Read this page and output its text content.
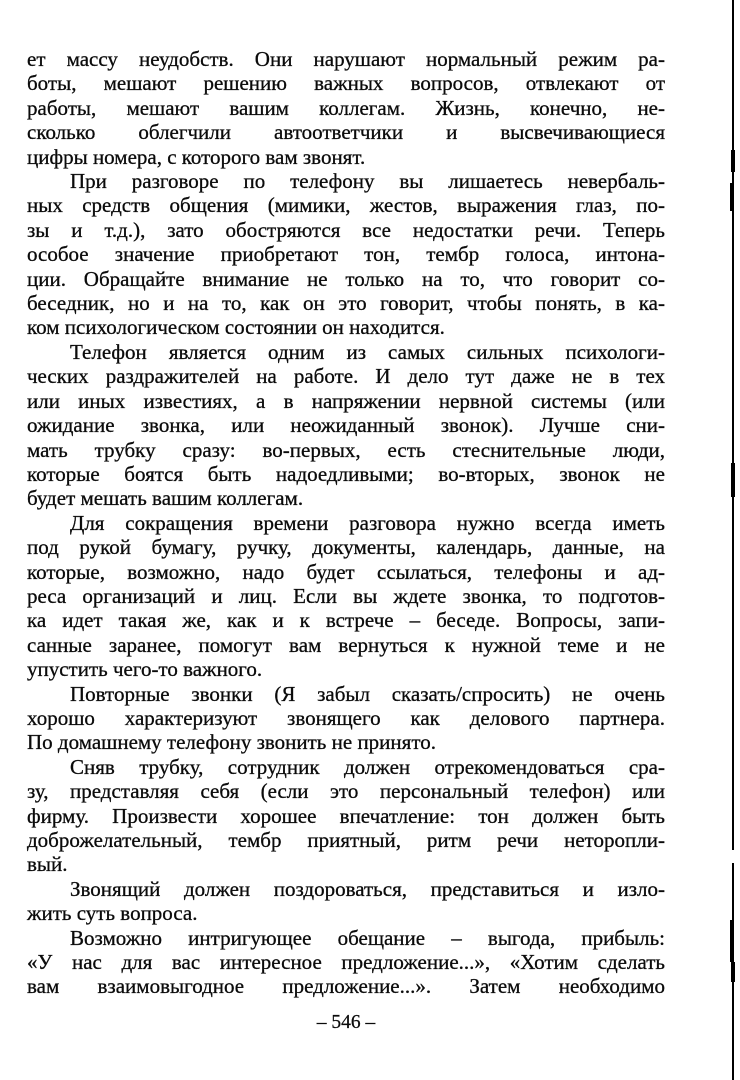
ет массу неудобств. Они нарушают нормальный режим ра-
боты, мешают решению важных вопросов, отвлекают от
работы, мешают вашим коллегам. Жизнь, конечно, не-
сколько облегчили автоответчики и высвечивающиеся
цифры номера, с которого вам звонят.
При разговоре по телефону вы лишаетесь невербаль-
ных средств общения (мимики, жестов, выражения глаз, по-
зы и т.д.), зато обостряются все недостатки речи. Теперь
особое значение приобретают тон, тембр голоса, интона-
ции. Обращайте внимание не только на то, что говорит со-
беседник, но и на то, как он это говорит, чтобы понять, в ка-
ком психологическом состоянии он находится.
Телефон является одним из самых сильных психологи-
ческих раздражителей на работе. И дело тут даже не в тех
или иных известиях, а в напряжении нервной системы (или
ожидание звонка, или неожиданный звонок). Лучше сни-
мать трубку сразу: во-первых, есть стеснительные люди,
которые боятся быть надоедливыми; во-вторых, звонок не
будет мешать вашим коллегам.
Для сокращения времени разговора нужно всегда иметь
под рукой бумагу, ручку, документы, календарь, данные, на
которые, возможно, надо будет ссылаться, телефоны и ад-
реса организаций и лиц. Если вы ждете звонка, то подготов-
ка идет такая же, как и к встрече – беседе. Вопросы, запи-
санные заранее, помогут вам вернуться к нужной теме и не
упустить чего-то важного.
Повторные звонки (Я забыл сказать/спросить) не очень
хорошо характеризуют звонящего как делового партнера.
По домашнему телефону звонить не принято.
Сняв трубку, сотрудник должен отрекомендоваться сра-
зу, представляя себя (если это персональный телефон) или
фирму. Произвести хорошее впечатление: тон должен быть
доброжелательный, тембр приятный, ритм речи неторопли-
вый.
Звонящий должен поздороваться, представиться и изло-
жить суть вопроса.
Возможно интригующее обещание – выгода, прибыль:
«У нас для вас интересное предложение...», «Хотим сделать
вам взаимовыгодное предложение...». Затем необходимо
– 546 –
